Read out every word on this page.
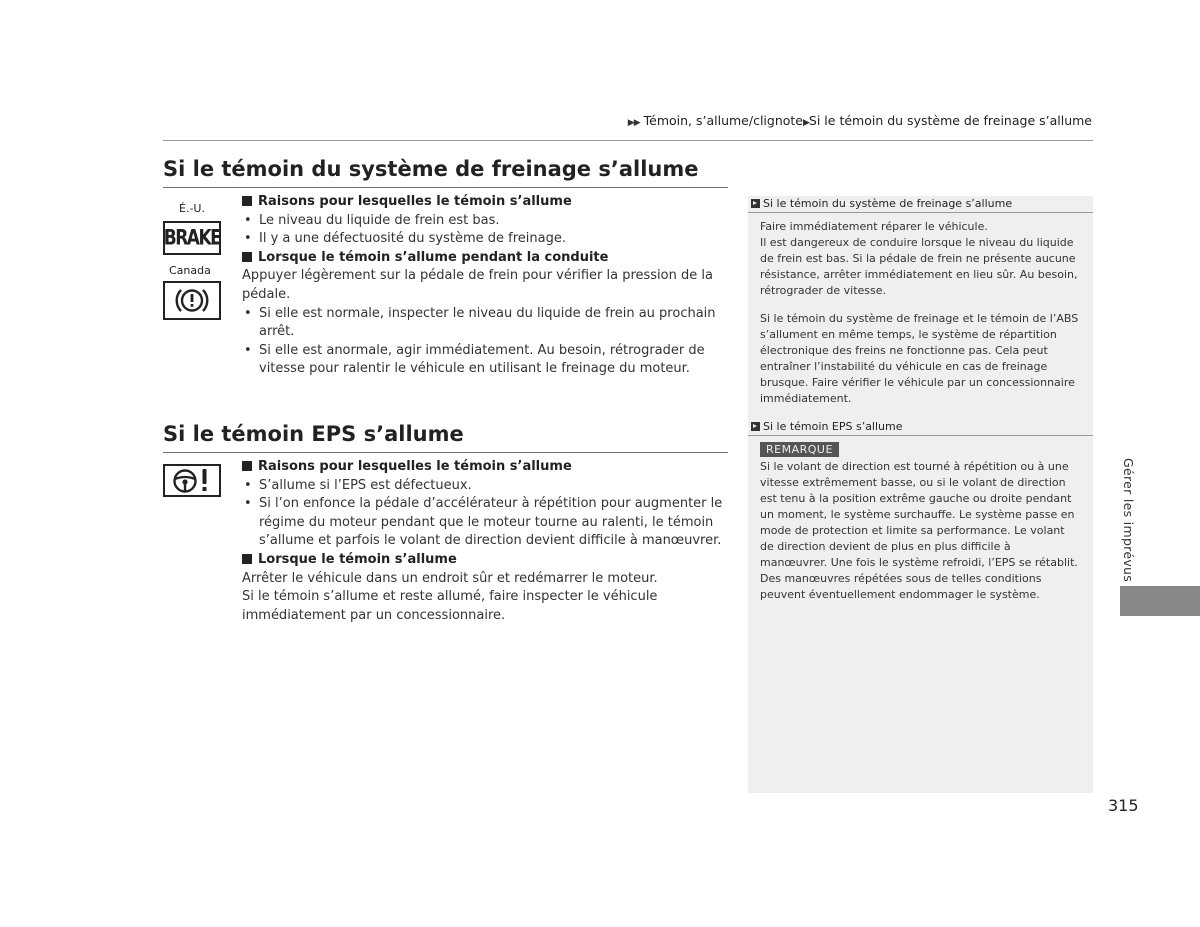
▶▶ Témoin, s’allume/clignote▶Si le témoin du système de freinage s’allume
Si le témoin du système de freinage s’allume
É.-U.
BRAKE
Canada
Raisons pour lesquelles le témoin s’allume
• Le niveau du liquide de frein est bas.
• Il y a une défectuosité du système de freinage.
Lorsque le témoin s’allume pendant la conduite
Appuyer légèrement sur la pédale de frein pour vérifier la pression de la pédale.
• Si elle est normale, inspecter le niveau du liquide de frein au prochain arrêt.
• Si elle est anormale, agir immédiatement. Au besoin, rétrograder de vitesse pour ralentir le véhicule en utilisant le freinage du moteur.
Si le témoin EPS s’allume
Raisons pour lesquelles le témoin s’allume
• S’allume si l’EPS est défectueux.
• Si l’on enfonce la pédale d’accélérateur à répétition pour augmenter le régime du moteur pendant que le moteur tourne au ralenti, le témoin s’allume et parfois le volant de direction devient difficile à manœuvrer.
Lorsque le témoin s’allume
Arrêter le véhicule dans un endroit sûr et redémarrer le moteur.
Si le témoin s’allume et reste allumé, faire inspecter le véhicule immédiatement par un concessionnaire.
Si le témoin du système de freinage s’allume

Faire immédiatement réparer le véhicule.
Il est dangereux de conduire lorsque le niveau du liquide de frein est bas. Si la pédale de frein ne présente aucune résistance, arrêter immédiatement en lieu sûr. Au besoin, rétrograder de vitesse.

Si le témoin du système de freinage et le témoin de l’ABS s’allument en même temps, le système de répartition électronique des freins ne fonctionne pas. Cela peut entraîner l’instabilité du véhicule en cas de freinage brusque. Faire vérifier le véhicule par un concessionnaire immédiatement.

Si le témoin EPS s’allume
REMARQUE

Si le volant de direction est tourné à répétition ou à une vitesse extrêmement basse, ou si le volant de direction est tenu à la position extrême gauche ou droite pendant un moment, le système surchauffe. Le système passe en mode de protection et limite sa performance. Le volant de direction devient de plus en plus difficile à manœuvrer. Une fois le système refroidi, l’EPS se rétablit. Des manœuvres répétées sous de telles conditions peuvent éventuellement endommager le système.

Gérer les imprévus
315
